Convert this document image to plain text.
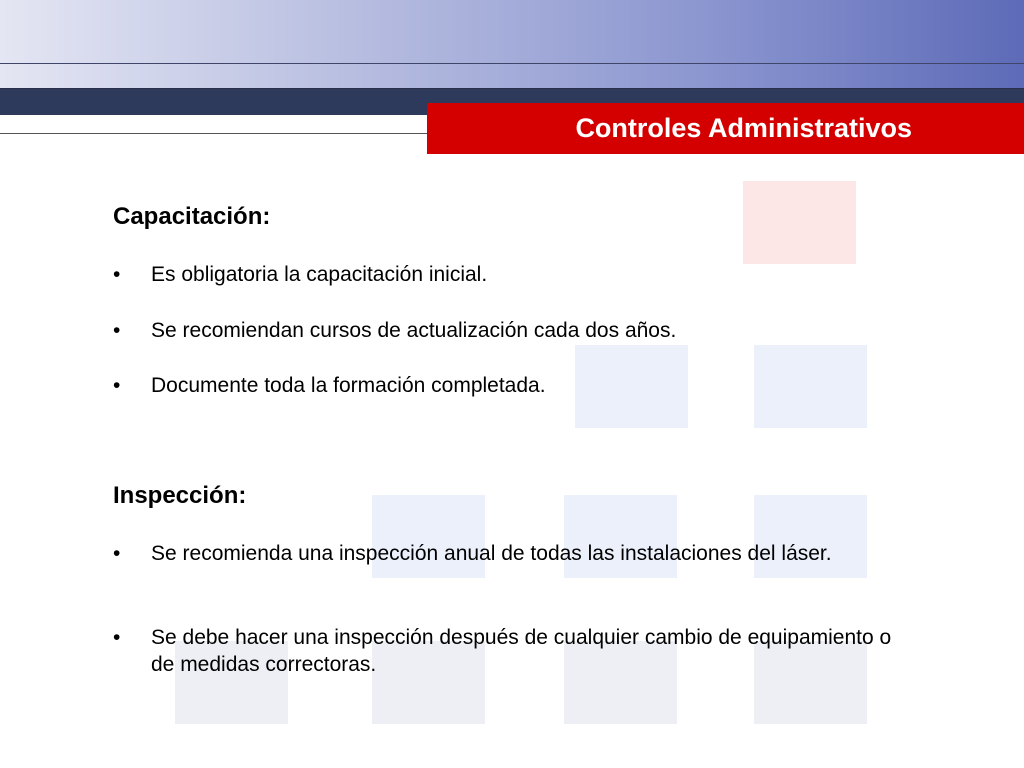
Controles Administrativos
Capacitación:
• Es obligatoria la capacitación inicial.
• Se recomiendan cursos de actualización cada dos años.
• Documente toda la formación completada.
Inspección:
• Se recomienda una inspección anual de todas las instalaciones del láser.
• Se debe hacer una inspección después de cualquier cambio de equipamiento o de medidas correctoras.
